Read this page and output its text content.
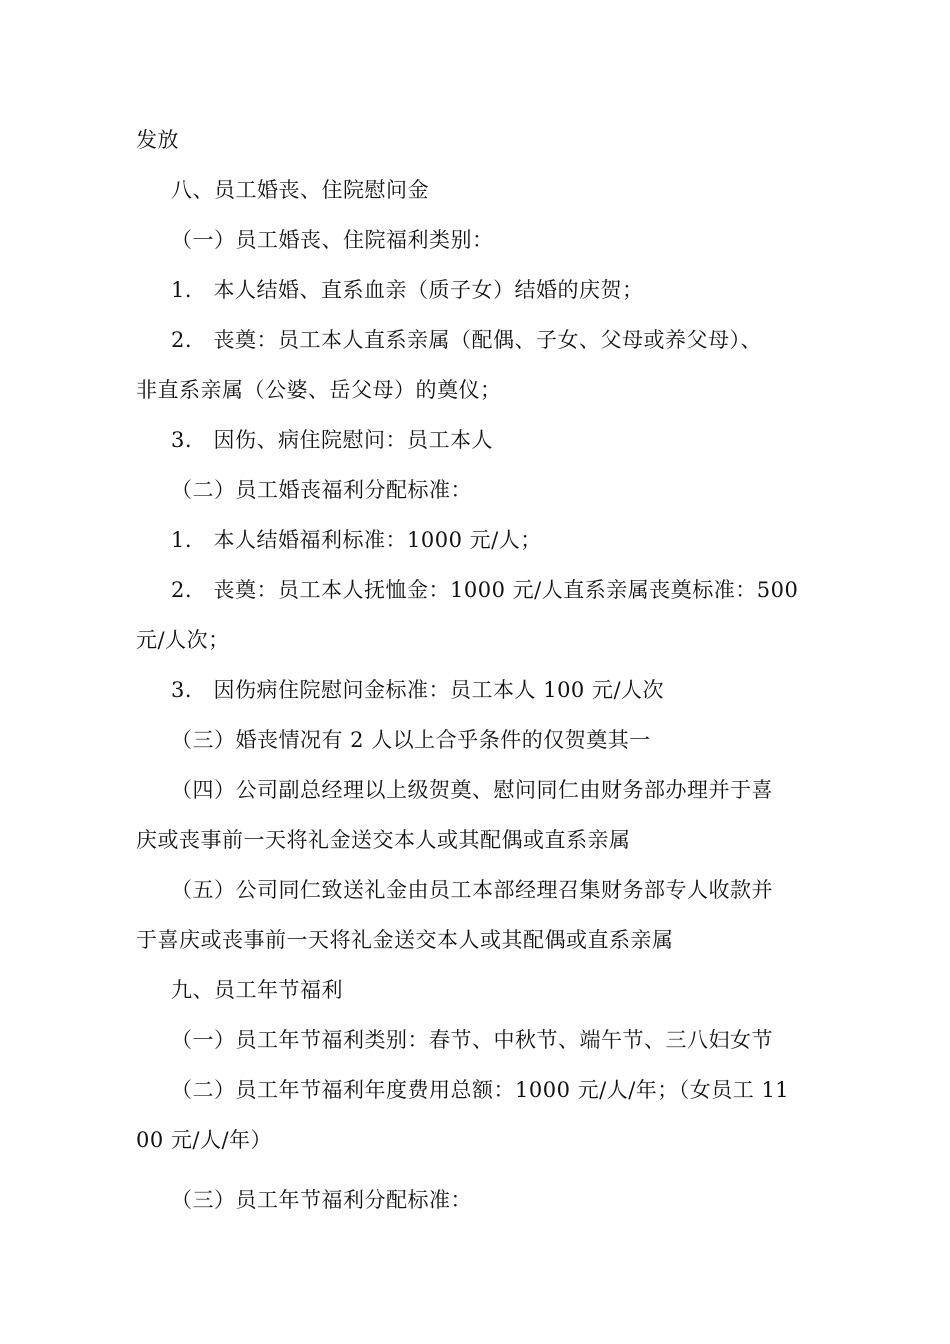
发放
八、员工婚丧、住院慰问金
（一）员工婚丧、住院福利类别：
1.　本人结婚、直系血亲（质子女）结婚的庆贺；
2.　丧奠：员工本人直系亲属（配偶、子女、父母或养父母）、
非直系亲属（公婆、岳父母）的奠仪；
3.　因伤、病住院慰问：员工本人
（二）员工婚丧福利分配标准：
1.　本人结婚福利标准：1000 元/人；
2.　丧奠：员工本人抚恤金：1000 元/人直系亲属丧奠标准：500
元/人次；
3.　因伤病住院慰问金标准：员工本人 100 元/人次
（三）婚丧情况有 2 人以上合乎条件的仅贺奠其一
（四）公司副总经理以上级贺奠、慰问同仁由财务部办理并于喜
庆或丧事前一天将礼金送交本人或其配偶或直系亲属
（五）公司同仁致送礼金由员工本部经理召集财务部专人收款并
于喜庆或丧事前一天将礼金送交本人或其配偶或直系亲属
九、员工年节福利
（一）员工年节福利类别：春节、中秋节、端午节、三八妇女节
（二）员工年节福利年度费用总额：1000 元/人/年；（女员工 11
00 元/人/年）
（三）员工年节福利分配标准：
